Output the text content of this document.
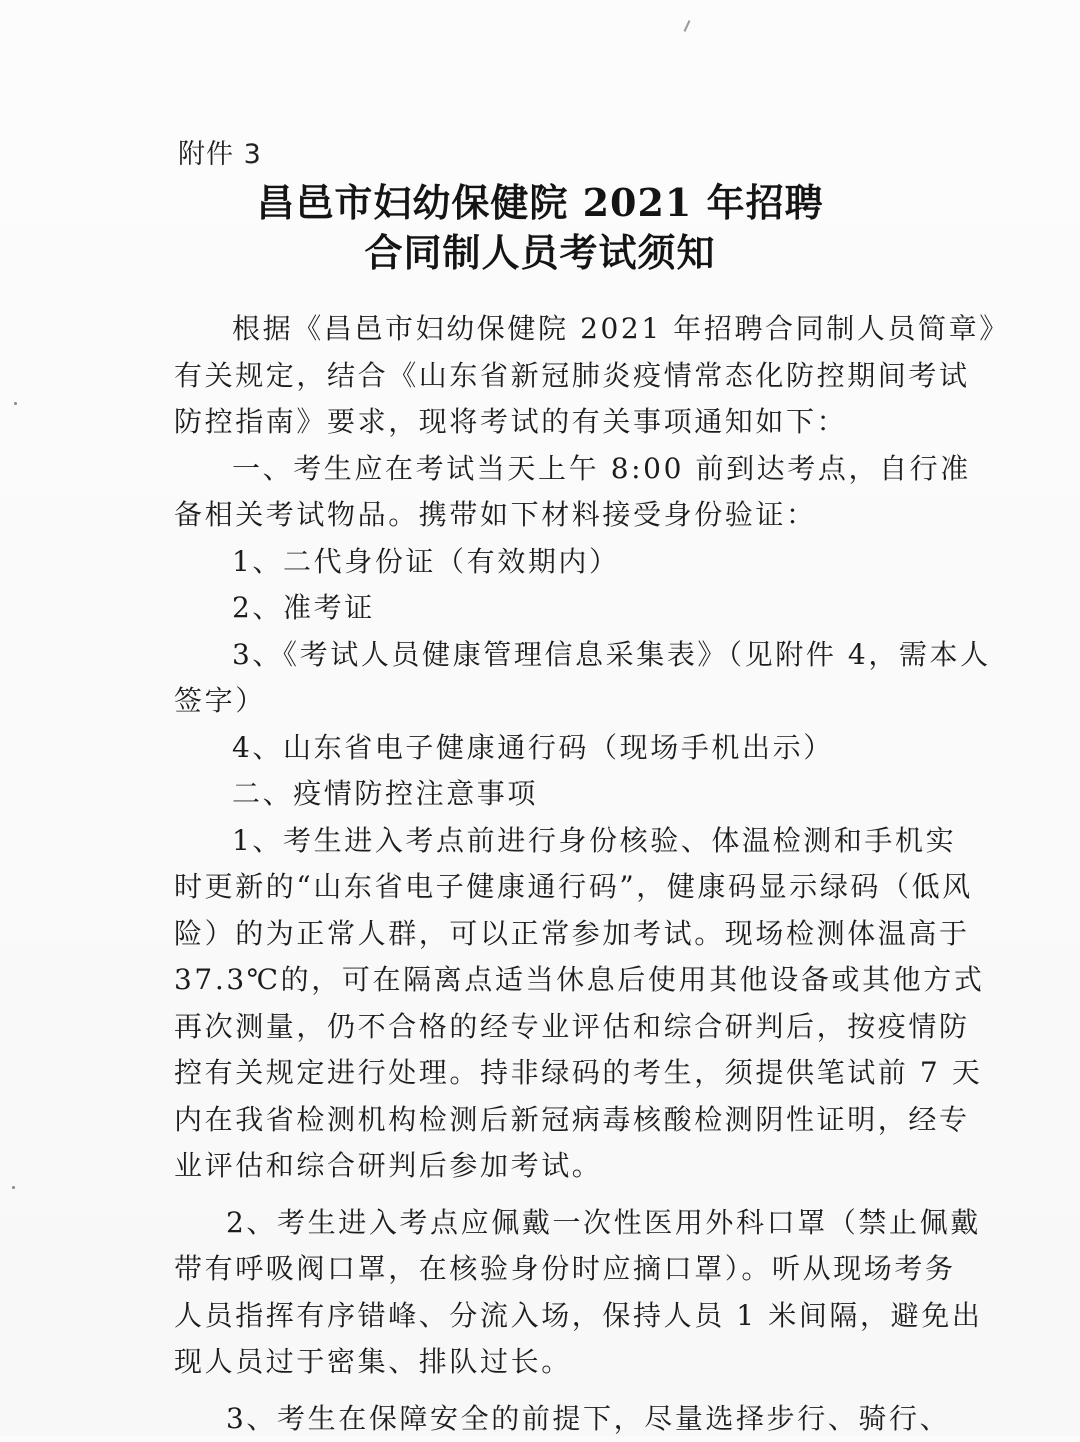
附件 3
昌邑市妇幼保健院 2021 年招聘
合同制人员考试须知
根据《昌邑市妇幼保健院 2021 年招聘合同制人员简章》
有关规定，结合《山东省新冠肺炎疫情常态化防控期间考试
防控指南》要求，现将考试的有关事项通知如下：
一、考生应在考试当天上午 8:00 前到达考点，自行准
备相关考试物品。携带如下材料接受身份验证：
1、二代身份证（有效期内）
2、准考证
3、《考试人员健康管理信息采集表》（见附件 4，需本人
签字）
4、山东省电子健康通行码（现场手机出示）
二、疫情防控注意事项
1、考生进入考点前进行身份核验、体温检测和手机实
时更新的“山东省电子健康通行码”，健康码显示绿码（低风
险）的为正常人群，可以正常参加考试。现场检测体温高于
37.3℃的，可在隔离点适当休息后使用其他设备或其他方式
再次测量，仍不合格的经专业评估和综合研判后，按疫情防
控有关规定进行处理。持非绿码的考生，须提供笔试前 7 天
内在我省检测机构检测后新冠病毒核酸检测阴性证明，经专
业评估和综合研判后参加考试。
2、考生进入考点应佩戴一次性医用外科口罩（禁止佩戴
带有呼吸阀口罩，在核验身份时应摘口罩）。听从现场考务
人员指挥有序错峰、分流入场，保持人员 1 米间隔，避免出
现人员过于密集、排队过长。
3、考生在保障安全的前提下，尽量选择步行、骑行、
